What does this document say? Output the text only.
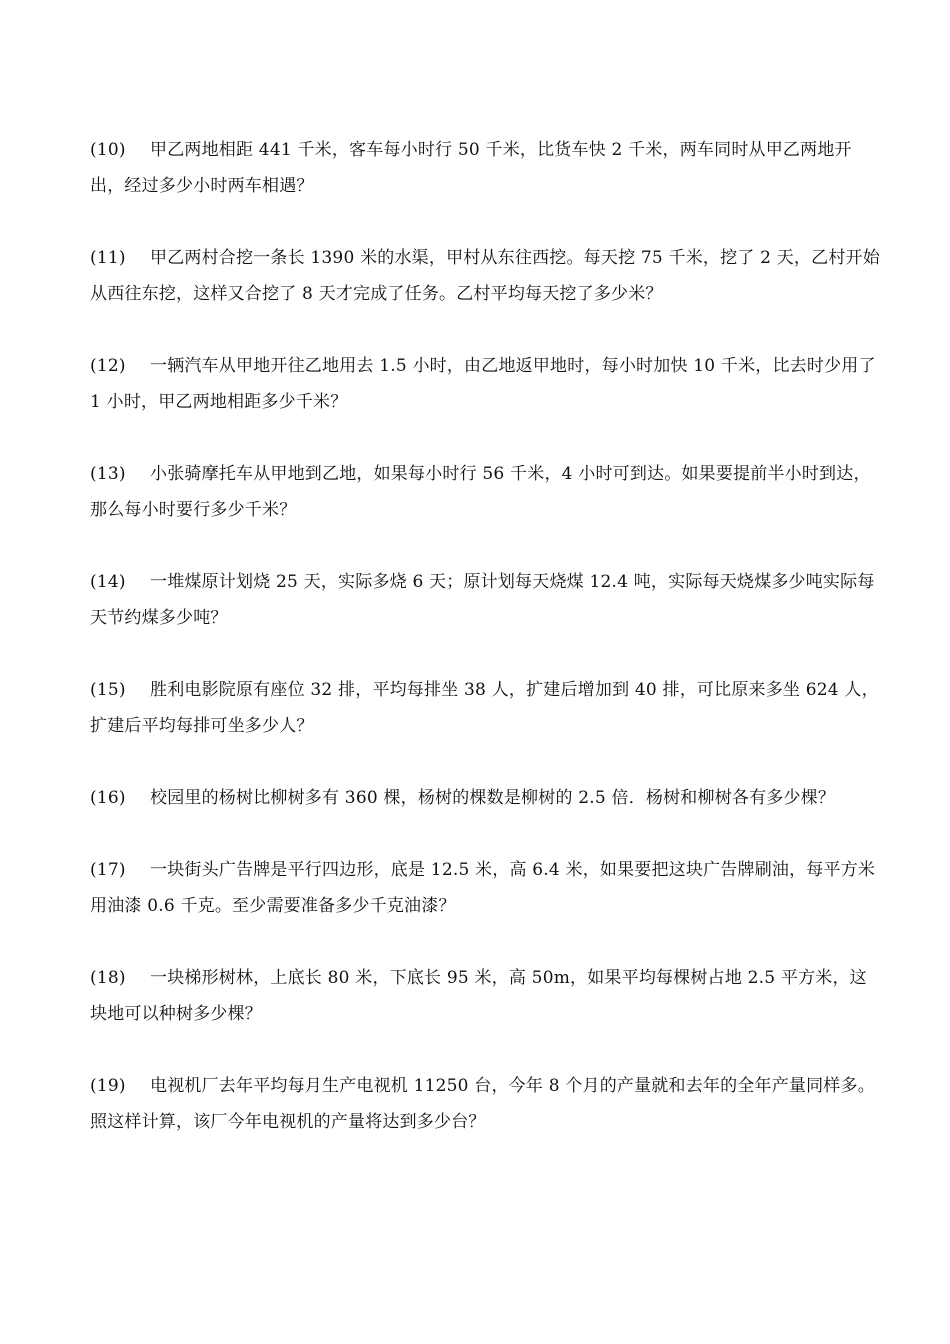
(10) 甲乙两地相距 441 千米，客车每小时行 50 千米，比货车快 2 千米，两车同时从甲乙两地开出，经过多少小时两车相遇？

(11) 甲乙两村合挖一条长 1390 米的水渠，甲村从东往西挖。每天挖 75 千米，挖了 2 天，乙村开始从西往东挖，这样又合挖了 8 天才完成了任务。乙村平均每天挖了多少米？

(12) 一辆汽车从甲地开往乙地用去 1.5 小时，由乙地返甲地时，每小时加快 10 千米，比去时少用了 1 小时，甲乙两地相距多少千米？

(13) 小张骑摩托车从甲地到乙地，如果每小时行 56 千米，4 小时可到达。如果要提前半小时到达，那么每小时要行多少千米？

(14) 一堆煤原计划烧 25 天，实际多烧 6 天；原计划每天烧煤 12.4 吨，实际每天烧煤多少吨实际每天节约煤多少吨？

(15) 胜利电影院原有座位 32 排，平均每排坐 38 人，扩建后增加到 40 排，可比原来多坐 624 人，扩建后平均每排可坐多少人？

(16) 校园里的杨树比柳树多有 360 棵，杨树的棵数是柳树的 2.5 倍．杨树和柳树各有多少棵？

(17) 一块街头广告牌是平行四边形，底是 12.5 米，高 6.4 米，如果要把这块广告牌刷油，每平方米用油漆 0.6 千克。至少需要准备多少千克油漆？

(18) 一块梯形树林，上底长 80 米，下底长 95 米，高 50m，如果平均每棵树占地 2.5 平方米，这块地可以种树多少棵？

(19) 电视机厂去年平均每月生产电视机 11250 台，今年 8 个月的产量就和去年的全年产量同样多。照这样计算，该厂今年电视机的产量将达到多少台？
